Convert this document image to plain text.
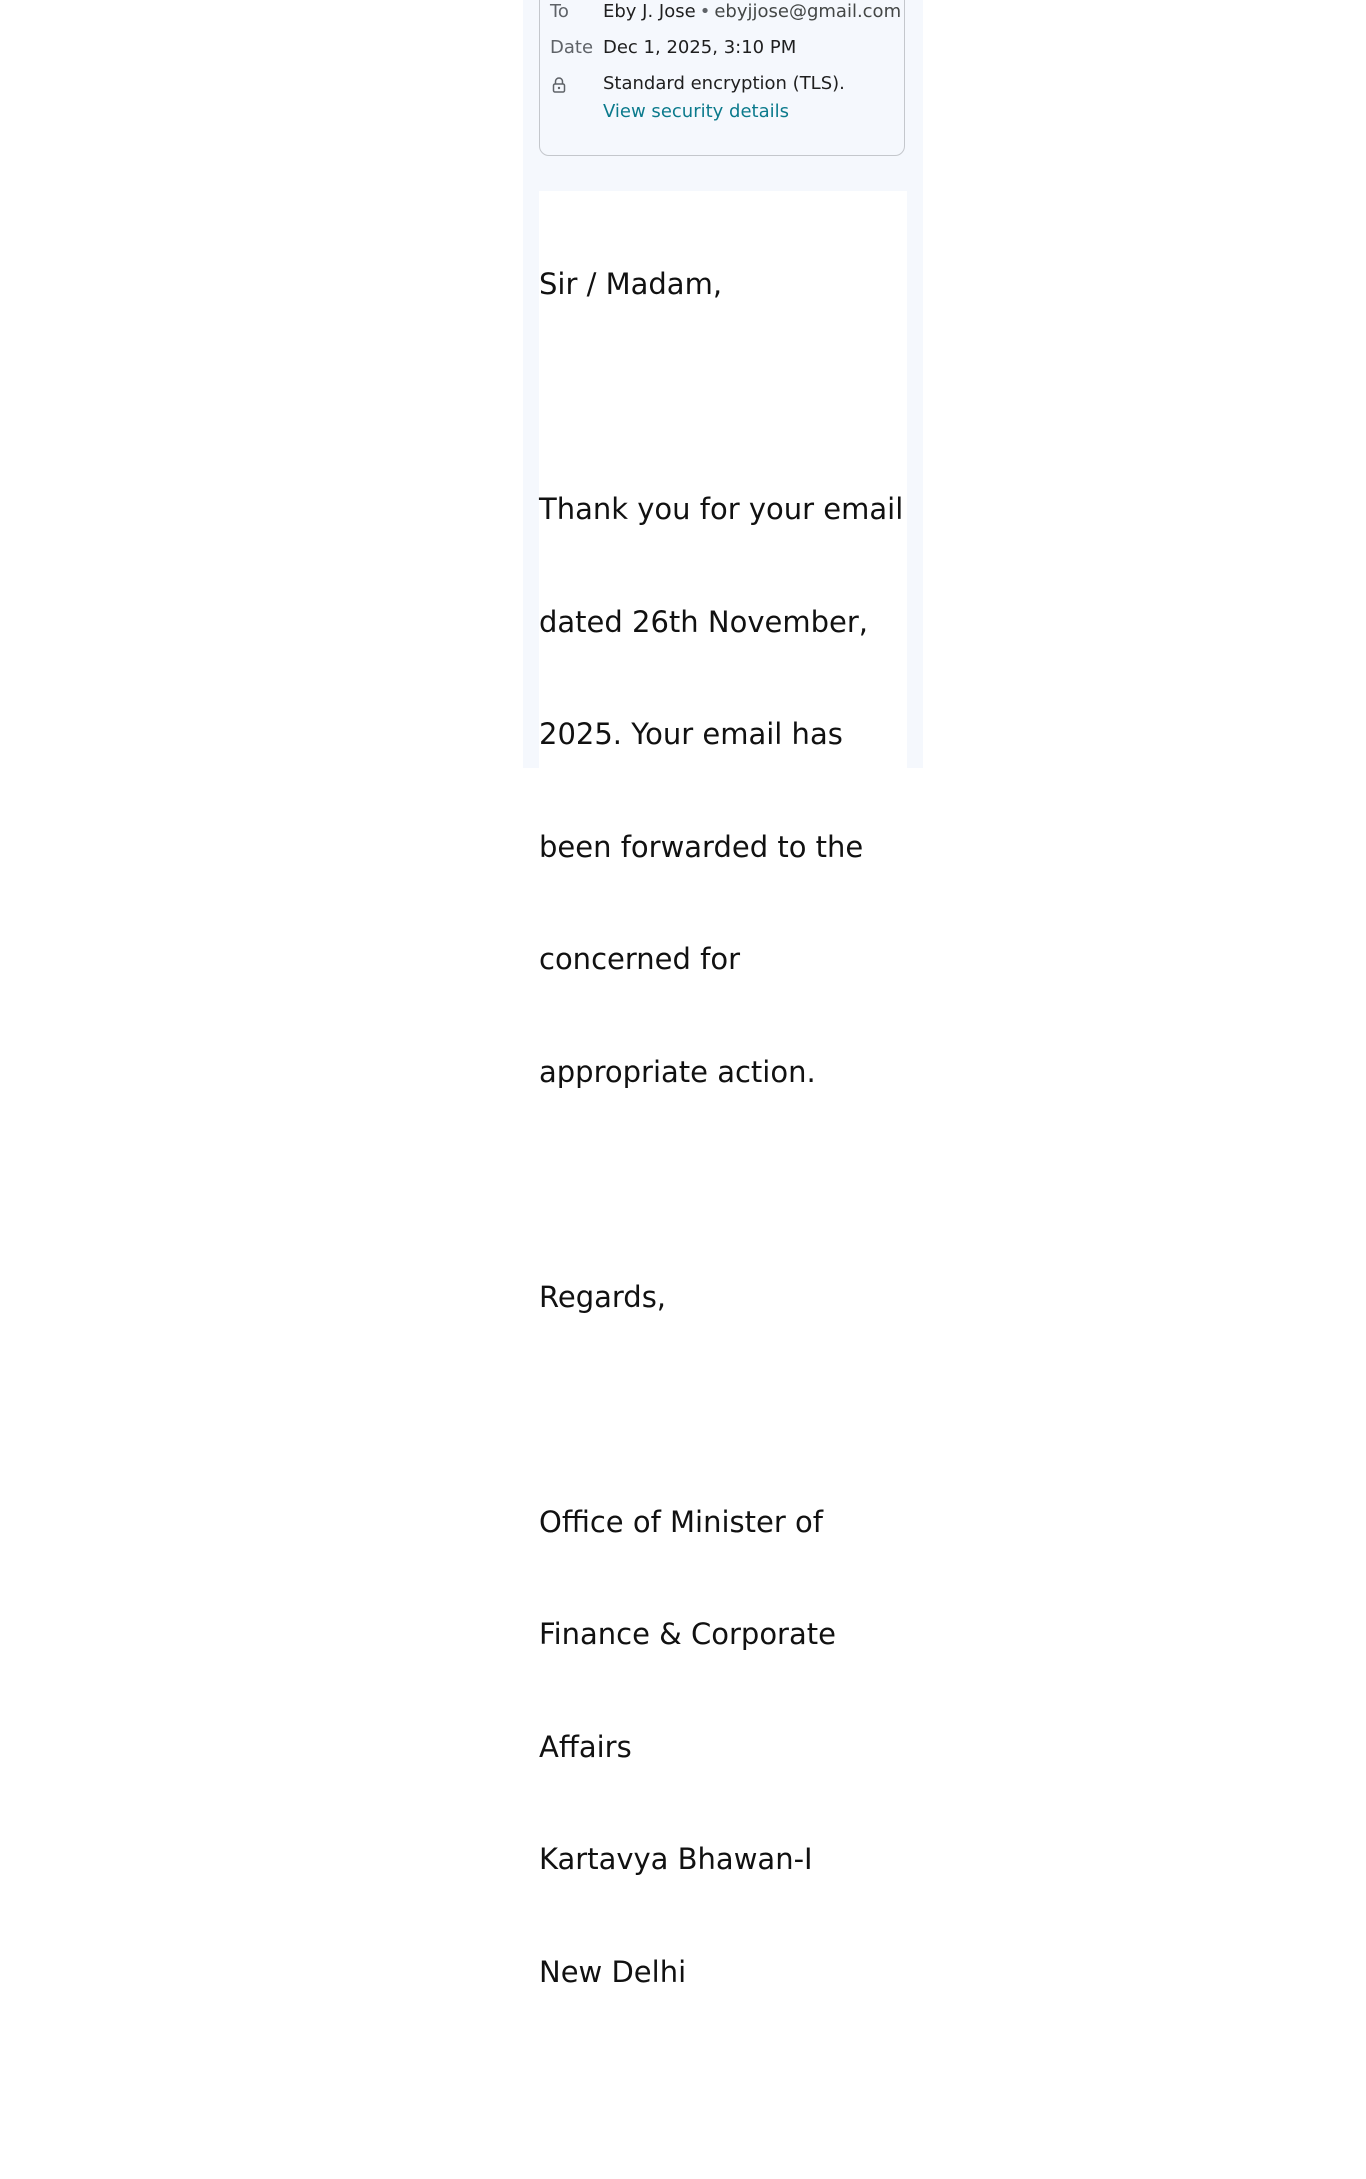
To Eby J. Jose • ebyjjose@gmail.com
Date Dec 1, 2025, 3:10 PM
Standard encryption (TLS).
View security details

Sir / Madam,

Thank you for your email

dated 26th November,

2025. Your email has

been forwarded to the

concerned for

appropriate action.

Regards,

Office of Minister of

Finance & Corporate

Affairs

Kartavya Bhawan-I

New Delhi
